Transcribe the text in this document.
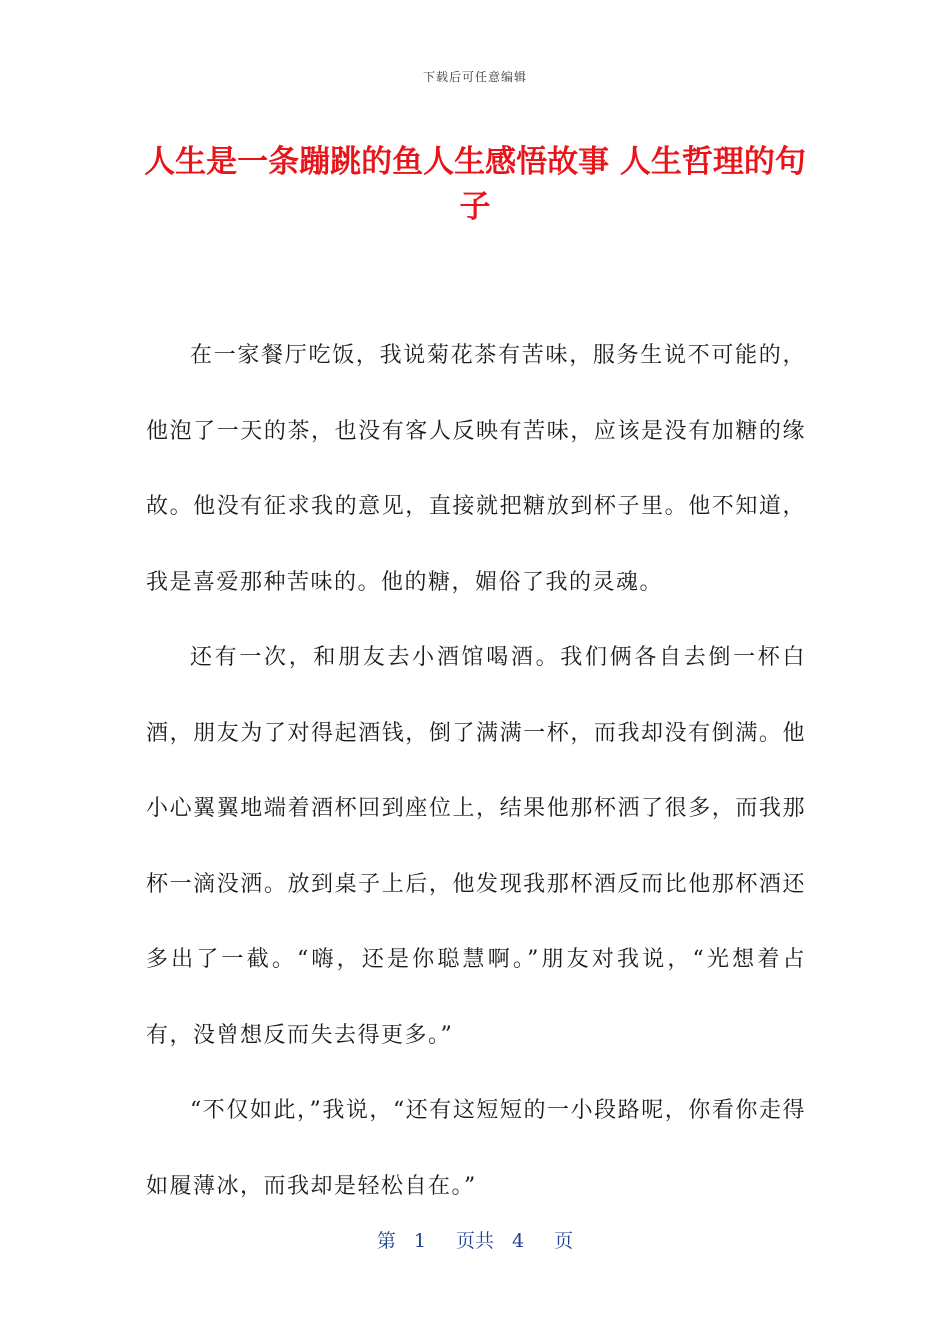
下载后可任意编辑
人生是一条蹦跳的鱼人生感悟故事 人生哲理的句子

在一家餐厅吃饭，我说菊花茶有苦味，服务生说不可能的，他泡了一天的茶，也没有客人反映有苦味，应该是没有加糖的缘故。他没有征求我的意见，直接就把糖放到杯子里。他不知道，我是喜爱那种苦味的。他的糖，媚俗了我的灵魂。

还有一次，和朋友去小酒馆喝酒。我们俩各自去倒一杯白酒，朋友为了对得起酒钱，倒了满满一杯，而我却没有倒满。他小心翼翼地端着酒杯回到座位上，结果他那杯洒了很多，而我那杯一滴没洒。放到桌子上后，他发现我那杯酒反而比他那杯酒还多出了一截。“嗨，还是你聪慧啊。”朋友对我说，“光想着占有，没曾想反而失去得更多。”

“不仅如此，”我说，“还有这短短的一小段路呢，你看你走得如履薄冰，而我却是轻松自在。”

第 1 页共 4 页
